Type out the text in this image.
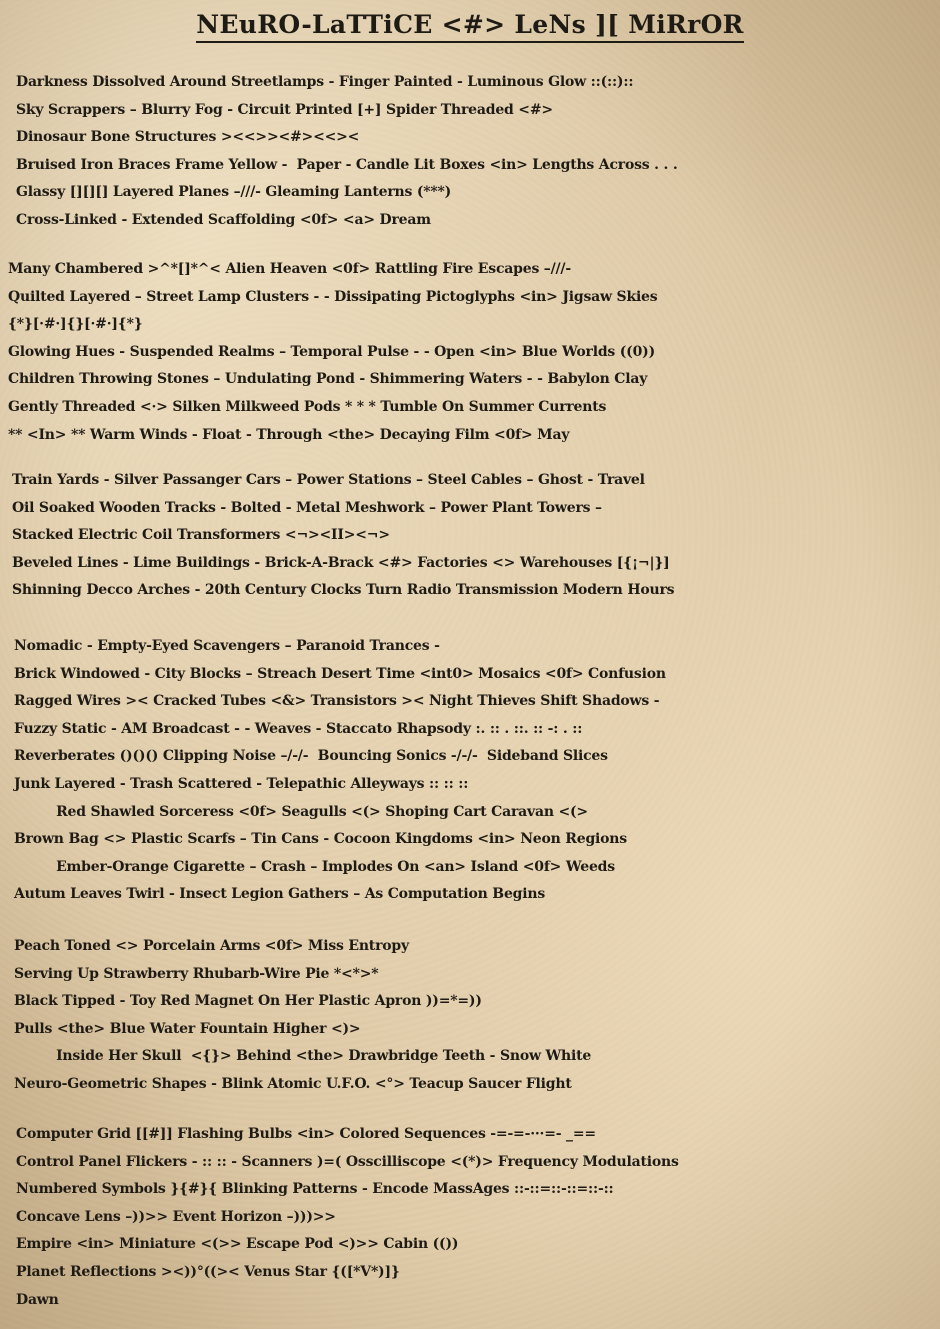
NEuRO-LaTTiCE <#> LeNs ][ MiRrOR
Darkness Dissolved Around Streetlamps - Finger Painted - Luminous Glow ::(::)::
Sky Scrappers – Blurry Fog - Circuit Printed [+] Spider Threaded <#>
Dinosaur Bone Structures ><<>><#><<><
Bruised Iron Braces Frame Yellow -  Paper - Candle Lit Boxes <in> Lengths Across . . .
Glassy [][][] Layered Planes –///- Gleaming Lanterns (***)
Cross-Linked - Extended Scaffolding <0f> <a> Dream
Many Chambered >^*[]*^< Alien Heaven <0f> Rattling Fire Escapes –///-
Quilted Layered – Street Lamp Clusters - - Dissipating Pictoglyphs <in> Jigsaw Skies
{*}[·#·]{}[·#·]{*}
Glowing Hues - Suspended Realms – Temporal Pulse - - Open <in> Blue Worlds ((0))
Children Throwing Stones – Undulating Pond - Shimmering Waters - - Babylon Clay
Gently Threaded <·> Silken Milkweed Pods * * * Tumble On Summer Currents
** <In> ** Warm Winds - Float - Through <the> Decaying Film <0f> May
Train Yards - Silver Passanger Cars – Power Stations – Steel Cables – Ghost - Travel
Oil Soaked Wooden Tracks - Bolted - Metal Meshwork – Power Plant Towers –
Stacked Electric Coil Transformers <¬><II><¬>
Beveled Lines - Lime Buildings - Brick-A-Brack <#> Factories <> Warehouses [{¡¬|}]
Shinning Decco Arches - 20th Century Clocks Turn Radio Transmission Modern Hours
Nomadic - Empty-Eyed Scavengers – Paranoid Trances -
Brick Windowed - City Blocks – Streach Desert Time <int0> Mosaics <0f> Confusion
Ragged Wires >< Cracked Tubes <&> Transistors >< Night Thieves Shift Shadows -
Fuzzy Static - AM Broadcast - - Weaves - Staccato Rhapsody :. :: . ::. :: -: . ::
Reverberates ()()() Clipping Noise –/-/-  Bouncing Sonics -/-/-  Sideband Slices
Junk Layered - Trash Scattered - Telepathic Alleyways :: :: ::
Red Shawled Sorceress <0f> Seagulls <(> Shoping Cart Caravan <(>
Brown Bag <> Plastic Scarfs – Tin Cans - Cocoon Kingdoms <in> Neon Regions
Ember-Orange Cigarette – Crash – Implodes On <an> Island <0f> Weeds
Autum Leaves Twirl - Insect Legion Gathers – As Computation Begins
Peach Toned <> Porcelain Arms <0f> Miss Entropy
Serving Up Strawberry Rhubarb-Wire Pie *<*>*
Black Tipped - Toy Red Magnet On Her Plastic Apron ))=*=))
Pulls <the> Blue Water Fountain Higher <)>
Inside Her Skull  <{}> Behind <the> Drawbridge Teeth - Snow White
Neuro-Geometric Shapes - Blink Atomic U.F.O. <°> Teacup Saucer Flight
Computer Grid [[#]] Flashing Bulbs <in> Colored Sequences -=-=-···=- _==
Control Panel Flickers - :: :: - Scanners )=( Osscilliscope <(*)> Frequency Modulations
Numbered Symbols }{#}{ Blinking Patterns - Encode MassAges ::-::=::-::=::-::
Concave Lens –))>> Event Horizon –)))>>
Empire <in> Miniature <(>> Escape Pod <)>> Cabin (())
Planet Reflections ><))°((>< Venus Star {([*V*)]}
Dawn
